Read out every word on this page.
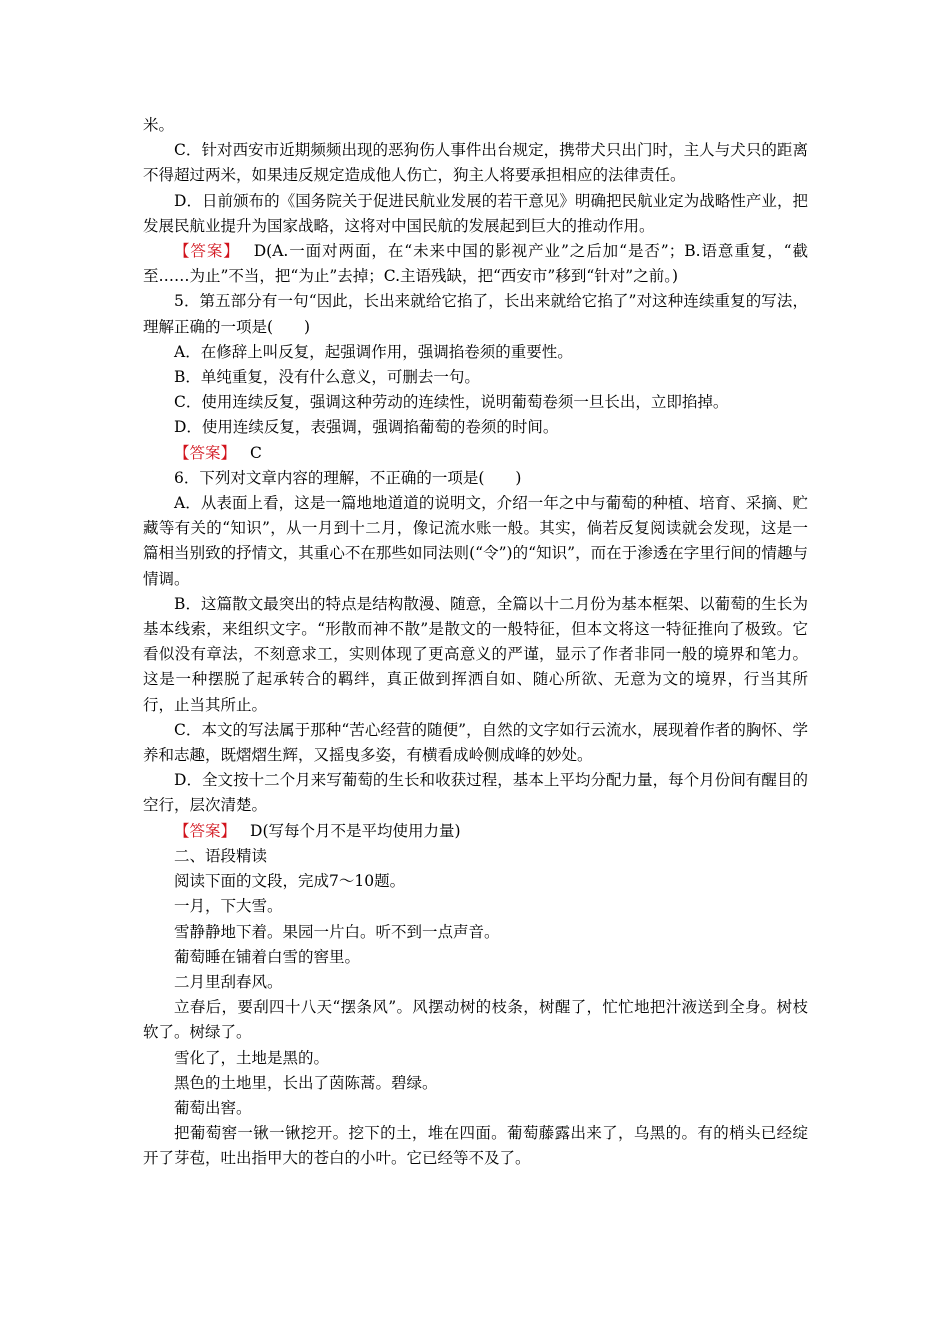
米。

C．针对西安市近期频频出现的恶狗伤人事件出台规定，携带犬只出门时，主人与犬只的距离不得超过两米，如果违反规定造成他人伤亡，狗主人将要承担相应的法律责任。

D．日前颁布的《国务院关于促进民航业发展的若干意见》明确把民航业定为战略性产业，把发展民航业提升为国家战略，这将对中国民航的发展起到巨大的推动作用。

【答案】 D(A.一面对两面，在“未来中国的影视产业”之后加“是否”；B.语意重复，“截至……为止”不当，把“为止”去掉；C.主语残缺，把“西安市”移到“针对”之前。)

5．第五部分有一句“因此，长出来就给它掐了，长出来就给它掐了”对这种连续重复的写法，理解正确的一项是(　　)

A．在修辞上叫反复，起强调作用，强调掐卷须的重要性。

B．单纯重复，没有什么意义，可删去一句。

C．使用连续反复，强调这种劳动的连续性，说明葡萄卷须一旦长出，立即掐掉。

D．使用连续反复，表强调，强调掐葡萄的卷须的时间。

【答案】 C

6．下列对文章内容的理解，不正确的一项是(　　)

A．从表面上看，这是一篇地地道道的说明文，介绍一年之中与葡萄的种植、培育、采摘、贮藏等有关的“知识”，从一月到十二月，像记流水账一般。其实，倘若反复阅读就会发现，这是一篇相当别致的抒情文，其重心不在那些如同法则(“令”)的“知识”，而在于渗透在字里行间的情趣与情调。

B．这篇散文最突出的特点是结构散漫、随意，全篇以十二月份为基本框架、以葡萄的生长为基本线索，来组织文字。“形散而神不散”是散文的一般特征，但本文将这一特征推向了极致。它看似没有章法，不刻意求工，实则体现了更高意义的严谨，显示了作者非同一般的境界和笔力。这是一种摆脱了起承转合的羁绊，真正做到挥洒自如、随心所欲、无意为文的境界，行当其所行，止当其所止。

C．本文的写法属于那种“苦心经营的随便”，自然的文字如行云流水，展现着作者的胸怀、学养和志趣，既熠熠生辉，又摇曳多姿，有横看成岭侧成峰的妙处。

D．全文按十二个月来写葡萄的生长和收获过程，基本上平均分配力量，每个月份间有醒目的空行，层次清楚。

【答案】 D(写每个月不是平均使用力量)

二、语段精读

阅读下面的文段，完成7～10题。

一月，下大雪。

雪静静地下着。果园一片白。听不到一点声音。

葡萄睡在铺着白雪的窖里。

二月里刮春风。

立春后，要刮四十八天“摆条风”。风摆动树的枝条，树醒了，忙忙地把汁液送到全身。树枝软了。树绿了。

雪化了，土地是黑的。

黑色的土地里，长出了茵陈蒿。碧绿。

葡萄出窖。

把葡萄窖一锹一锹挖开。挖下的土，堆在四面。葡萄藤露出来了，乌黑的。有的梢头已经绽开了芽苞，吐出指甲大的苍白的小叶。它已经等不及了。
